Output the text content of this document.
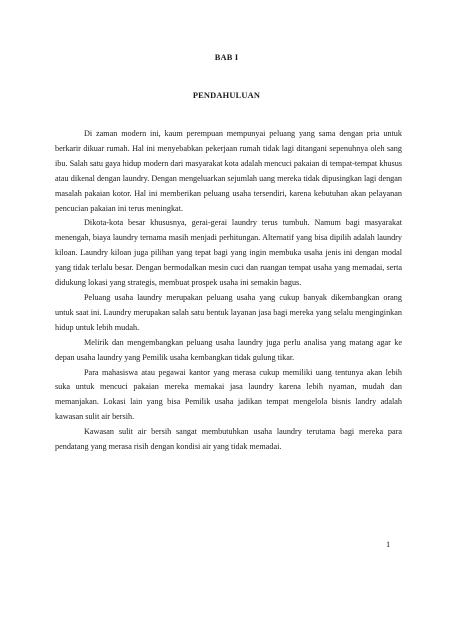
BAB I
PENDAHULUAN

Di zaman modern ini, kaum perempuan mempunyai peluang yang sama dengan pria untuk berkarir dikuar rumah. Hal ini menyebabkan pekerjaan rumah tidak lagi ditangani sepenuhnya oleh sang ibu. Salah satu gaya hidup modern dari masyarakat kota adalah mencuci pakaian di tempat-tempat khusus atau dikenal dengan laundry. Dengan mengeluarkan sejumlah uang mereka tidak dipusingkan lagi dengan masalah pakaian kotor. Hal ini memberikan peluang usaha tersendiri, karena kebutuhan akan pelayanan pencucian pakaian ini terus meningkat.

Dikota-kota besar khususnya, gerai-gerai laundry terus tumbuh. Namum bagi masyarakat menengah, biaya laundry ternama masih menjadi perhitungan. Alternatif yang bisa dipilih adalah laundry kiloan. Laundry kiloan juga pilihan yang tepat bagi yang ingin membuka usaha jenis ini dengan modal yang tidak terlalu besar. Dengan bermodalkan mesin cuci dan ruangan tempat usaha yang memadai, serta didukung lokasi yang strategis, membuat prospek usaha ini semakin bagus.

Peluang usaha laundry merupakan peluang usaha yang cukup banyak dikembangkan orang untuk saat ini. Laundry merupakan salah satu bentuk layanan jasa bagi mereka yang selalu menginginkan hidup untuk lebih mudah.

Melirik dan mengembangkan peluang usaha laundry juga perlu analisa yang matang agar ke depan usaha laundry yang Pemilik usaha kembangkan tidak gulung tikar.

Para mahasiswa atau pegawai kantor yang merasa cukup memiliki uang tentunya akan lebih suka untuk mencuci pakaian mereka memakai jasa laundry karena lebih nyaman, mudah dan memanjakan. Lokasi lain yang bisa Pemilik usaha jadikan tempat mengelola bisnis landry adalah kawasan sulit air bersih.

Kawasan sulit air bersih sangat membutuhkan usaha laundry terutama bagi mereka para pendatang yang merasa risih dengan kondisi air yang tidak memadai.

1
